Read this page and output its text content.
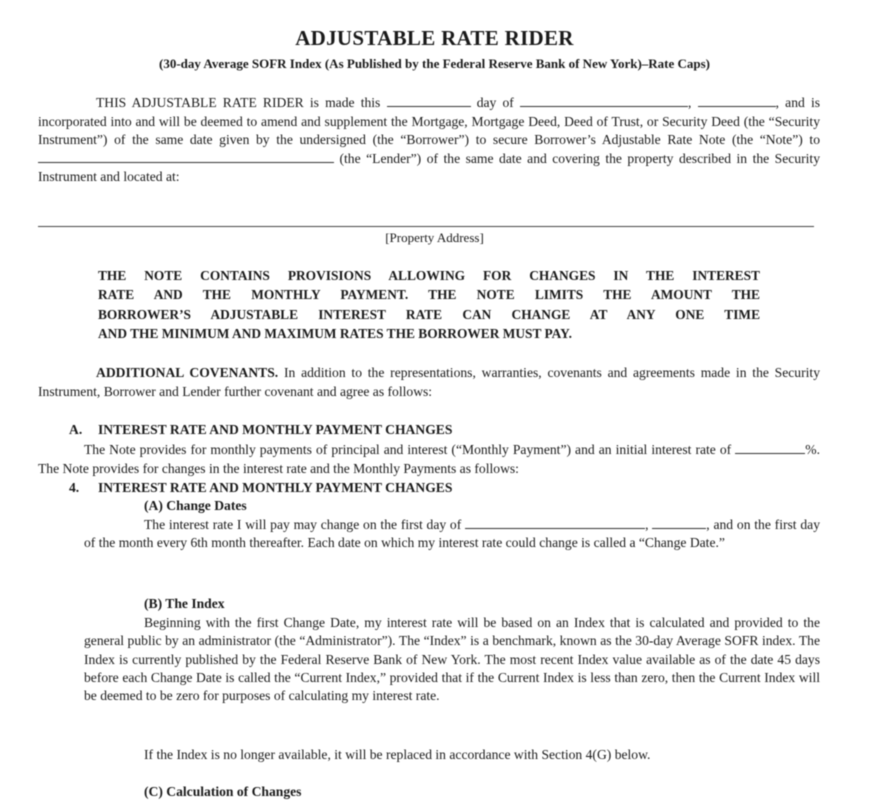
ADJUSTABLE RATE RIDER
(30-day Average SOFR Index (As Published by the Federal Reserve Bank of New York)–Rate Caps)
THIS ADJUSTABLE RATE RIDER is made this	day of	,	, and is incorporated into and will be deemed to amend and supplement the Mortgage, Mortgage Deed, Deed of Trust, or Security Deed (the “Security Instrument”) of the same date given by the undersigned (the “Borrower”) to secure Borrower’s Adjustable Rate Note (the “Note”) to  (the “Lender”) of the same date and covering the property described in the Security Instrument and located at:
[Property Address]
THE NOTE CONTAINS PROVISIONS ALLOWING FOR CHANGES IN THE INTEREST
RATE AND THE MONTHLY PAYMENT. THE NOTE LIMITS THE AMOUNT THE
BORROWER’S ADJUSTABLE INTEREST RATE CAN CHANGE AT ANY ONE TIME
AND THE MINIMUM AND MAXIMUM RATES THE BORROWER MUST PAY.
ADDITIONAL COVENANTS. In addition to the representations, warranties, covenants and agreements made in the Security Instrument, Borrower and Lender further covenant and agree as follows:
A. INTEREST RATE AND MONTHLY PAYMENT CHANGES
The Note provides for monthly payments of principal and interest (“Monthly Payment”) and an initial interest rate of	%. The Note provides for changes in the interest rate and the Monthly Payments as follows:
4. INTEREST RATE AND MONTHLY PAYMENT CHANGES
(A) Change Dates
The interest rate I will pay may change on the first day of	,	, and on the first day of the month every 6th month thereafter. Each date on which my interest rate could change is called a “Change Date.”
(B) The Index
Beginning with the first Change Date, my interest rate will be based on an Index that is calculated and provided to the general public by an administrator (the “Administrator”). The “Index” is a benchmark, known as the 30-day Average SOFR index. The Index is currently published by the Federal Reserve Bank of New York. The most recent Index value available as of the date 45 days before each Change Date is called the “Current Index,” provided that if the Current Index is less than zero, then the Current Index will be deemed to be zero for purposes of calculating my interest rate.
If the Index is no longer available, it will be replaced in accordance with Section 4(G) below.
(C) Calculation of Changes
